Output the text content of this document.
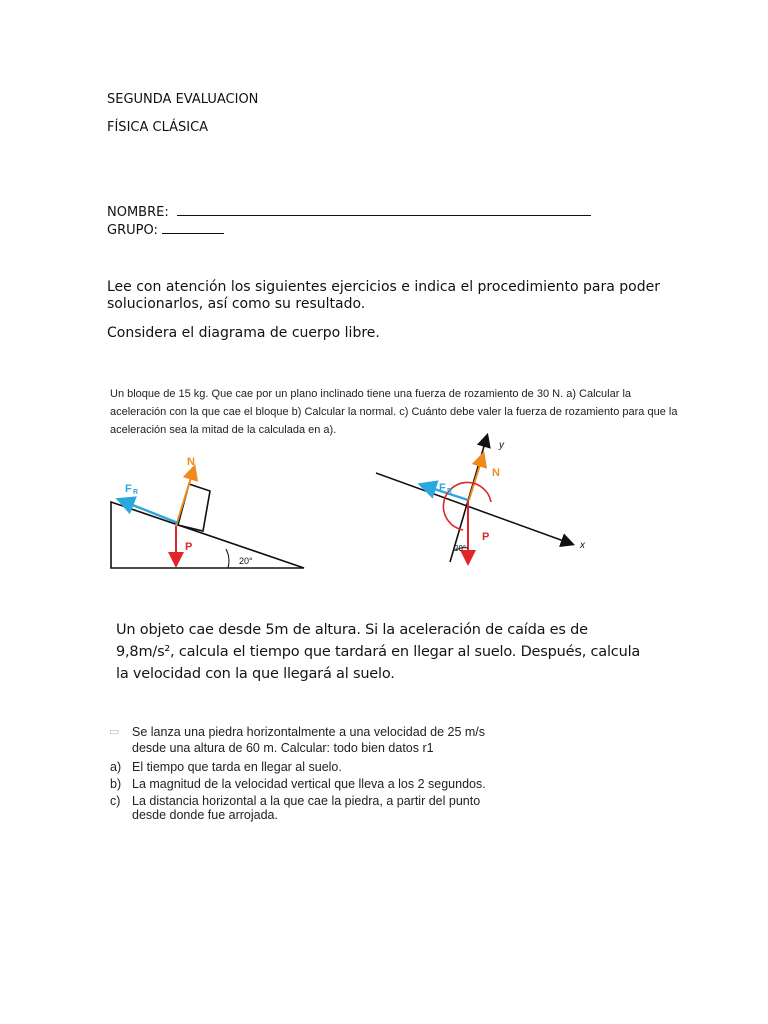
SEGUNDA EVALUACION
FÍSICA CLÁSICA
NOMBRE:
GRUPO:
Lee con atención los siguientes ejercicios e indica el procedimiento para poder
solucionarlos, así como su resultado.
Considera el diagrama de cuerpo libre.
Un bloque de 15 kg. Que cae por un plano inclinado tiene una fuerza de rozamiento de 30 N. a) Calcular la
aceleración con la que cae el bloque b) Calcular la normal. c) Cuánto debe valer la fuerza de rozamiento para que la
aceleración sea la mitad de la calculada en a).
N
F R
P
20°
N
F R
P
20°	x
y
Un objeto cae desde 5m de altura. Si la aceleración de caída es de
9,8m/s², calcula el tiempo que tardará en llegar al suelo. Después, calcula
la velocidad con la que llegará al suelo.
▭	Se lanza una piedra horizontalmente a una velocidad de 25 m/s
desde una altura de 60 m. Calcular: todo bien datos r1
a) El tiempo que tarda en llegar al suelo.
b) La magnitud de la velocidad vertical que lleva a los 2 segundos.
c) La distancia horizontal a la que cae la piedra, a partir del punto
desde donde fue arrojada.
